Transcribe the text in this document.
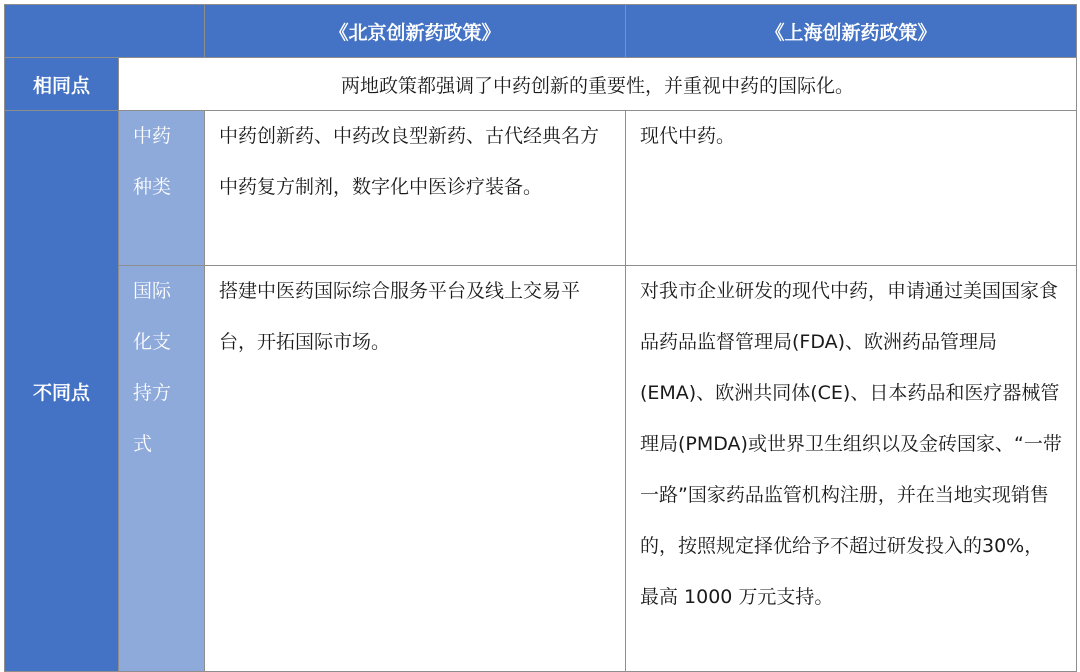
		《北京创新药政策》	《上海创新药政策》
相同点	两地政策都强调了中药创新的重要性，并重视中药的国际化。		
不同点	中药种类	中药创新药、中药改良型新药、古代经典名方中药复方制剂，数字化中医诊疗装备。	现代中药。

	国际化支持方式	搭建中医药国际综合服务平台及线上交易平台，开拓国际市场。	对我市企业研发的现代中药，申请通过美国国家食品药品监督管理局(FDA)、欧洲药品管理局(EMA)、欧洲共同体(CE)、日本药品和医疗器械管理局(PMDA)或世界卫生组织以及金砖国家、“一带一路”国家药品监管机构注册，并在当地实现销售的，按照规定择优给予不超过研发投入的30%，最高 1000 万元支持。
